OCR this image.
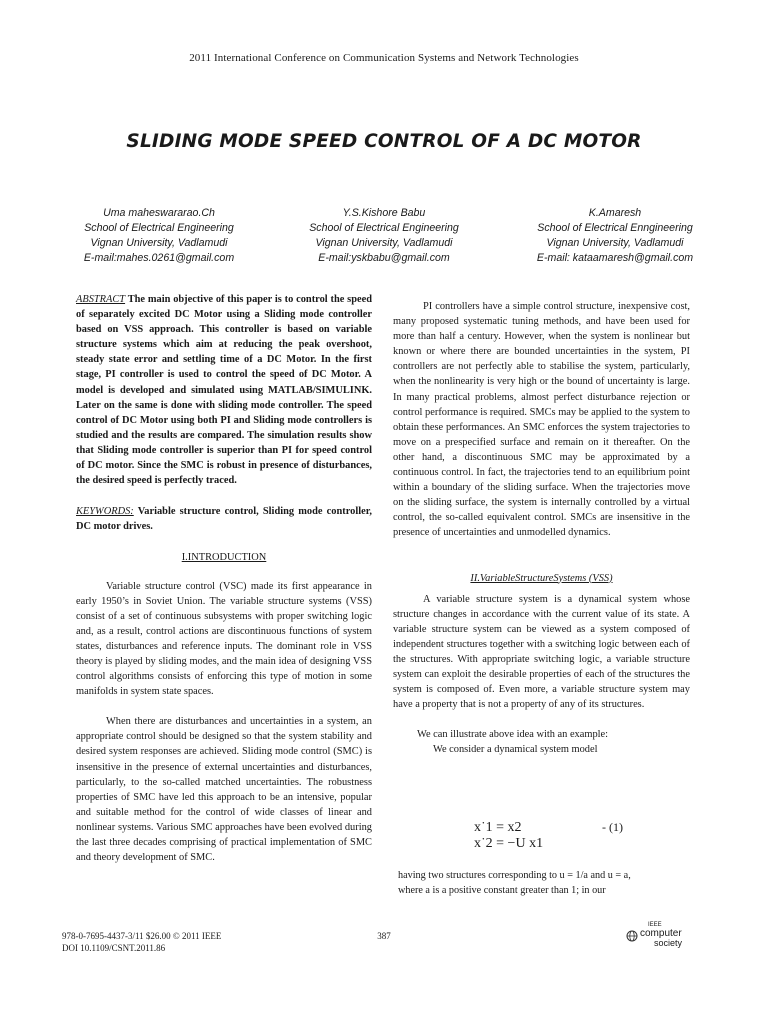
2011 International Conference on Communication Systems and Network Technologies
SLIDING MODE SPEED CONTROL OF A DC MOTOR
Uma maheswararao.Ch
School of Electrical Engineering
Vignan University, Vadlamudi
E-mail:mahes.0261@gmail.com
Y.S.Kishore Babu
School of Electrical Engineering
Vignan University, Vadlamudi
E-mail:yskbabu@gmail.com
K.Amaresh
School of Electrical Enngineering
Vignan University, Vadlamudi
E-mail: kataamaresh@gmail.com

ABSTRACT The main objective of this paper is to control the speed of separately excited DC Motor using a Sliding mode controller based on VSS approach. This controller is based on variable structure systems which aim at reducing the peak overshoot, steady state error and settling time of a DC Motor. In the first stage, PI controller is used to control the speed of DC Motor. A model is developed and simulated using MATLAB/SIMULINK. Later on the same is done with sliding mode controller. The speed control of DC Motor using both PI and Sliding mode controllers is studied and the results are compared. The simulation results show that Sliding mode controller is superior than PI for speed control of DC motor. Since the SMC is robust in presence of disturbances, the desired speed is perfectly traced.

KEYWORDS: Variable structure control, Sliding mode controller, DC motor drives.

I.INTRODUCTION

Variable structure control (VSC) made its first appearance in early 1950’s in Soviet Union. The variable structure systems (VSS) consist of a set of continuous subsystems with proper switching logic and, as a result, control actions are discontinuous functions of system states, disturbances and reference inputs. The dominant role in VSS theory is played by sliding modes, and the main idea of designing VSS control algorithms consists of enforcing this type of motion in some manifolds in system state spaces.

When there are disturbances and uncertainties in a system, an appropriate control should be designed so that the system stability and desired system responses are achieved. Sliding mode control (SMC) is insensitive in the presence of external uncertainties and disturbances, particularly, to the so-called matched uncertainties. The robustness properties of SMC have led this approach to be an intensive, popular and suitable method for the control of wide classes of linear and nonlinear systems. Various SMC approaches have been evolved during the last three decades comprising of practical implementation of SMC and theory development of SMC.

PI controllers have a simple control structure, inexpensive cost, many proposed systematic tuning methods, and have been used for more than half a century. However, when the system is nonlinear but known or where there are bounded uncertainties in the system, PI controllers are not perfectly able to stabilise the system, particularly, when the nonlinearity is very high or the bound of uncertainty is large. In many practical problems, almost perfect disturbance rejection or control performance is required. SMCs may be applied to the system to obtain these performances. An SMC enforces the system trajectories to move on a prespecified surface and remain on it thereafter. On the other hand, a discontinuous SMC may be approximated by a continuous control. In fact, the trajectories tend to an equilibrium point within a boundary of the sliding surface. When the trajectories move on the sliding surface, the system is internally controlled by a virtual control, the so-called equivalent control. SMCs are insensitive in the presence of uncertainties and unmodelled dynamics.

II.VariableStructureSystems (VSS)

A variable structure system is a dynamical system whose structure changes in accordance with the current value of its state. A variable structure system can be viewed as a system composed of independent structures together with a switching logic between each of the structures. With appropriate switching logic, a variable structure system can exploit the desirable properties of each of the structures the system is composed of. Even more, a variable structure system may have a property that is not a property of any of its structures.

We can illustrate above idea with an example:

We consider a dynamical system model

x˙1 = x2
x˙2 = −U x1
- (1)

having two structures corresponding to u = 1/a and u = a,

where a is a positive constant greater than 1; in our

978-0-7695-4437-3/11 $26.00 © 2011 IEEE
DOI 10.1109/CSNT.2011.86
387
IEEE
computer
society
